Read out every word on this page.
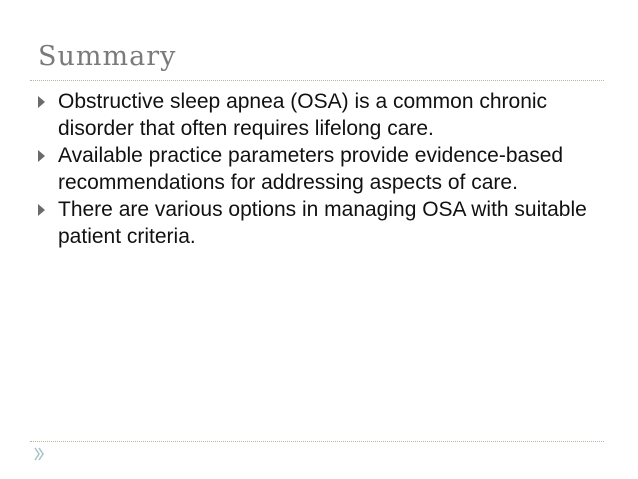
Summary
Obstructive sleep apnea (OSA) is a common chronic disorder that often requires lifelong care.
Available practice parameters provide evidence-based recommendations for addressing aspects of care.
There are various options in managing OSA with suitable patient criteria.
